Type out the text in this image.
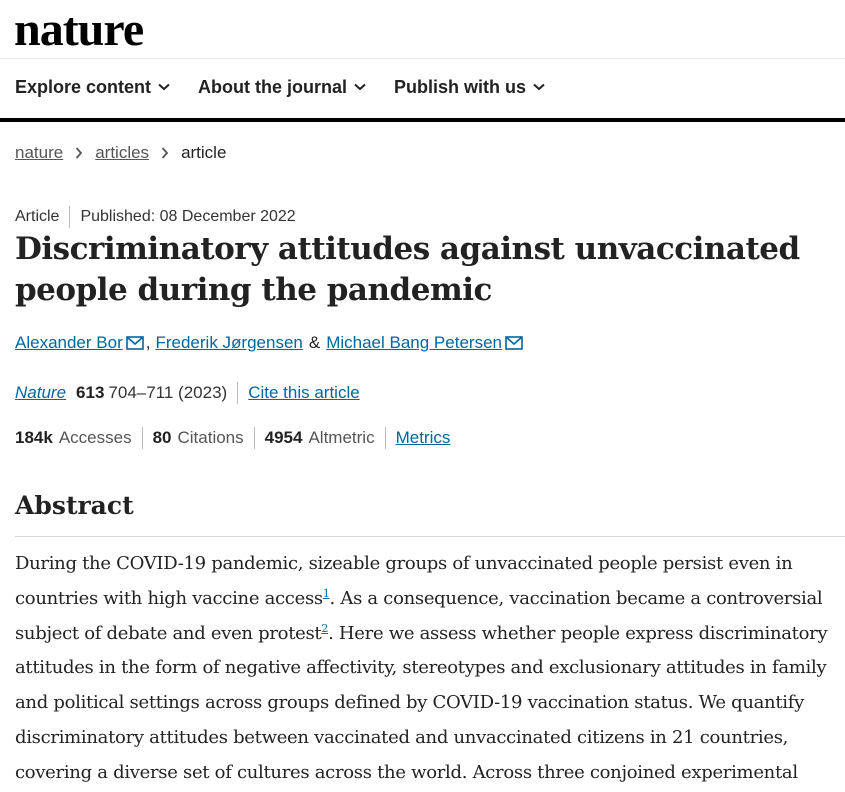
nature
Explore content	About the journal	Publish with us
nature articles article
Article Published: 08 December 2022
Discriminatory attitudes against unvaccinated people during the pandemic
Alexander Bor , Frederik Jørgensen & Michael Bang Petersen
Nature 613 704–711 (2023) Cite this article
184k Accesses 80 Citations 4954 Altmetric Metrics
Abstract

During the COVID-19 pandemic, sizeable groups of unvaccinated people persist even in countries with high vaccine access$^1$. As a consequence, vaccination became a controversial subject of debate and even protest$^2$. Here we assess whether people express discriminatory attitudes in the form of negative affectivity, stereotypes and exclusionary attitudes in family and political settings across groups defined by COVID-19 vaccination status. We quantify discriminatory attitudes between vaccinated and unvaccinated citizens in 21 countries, covering a diverse set of cultures across the world. Across three conjoined experimental
